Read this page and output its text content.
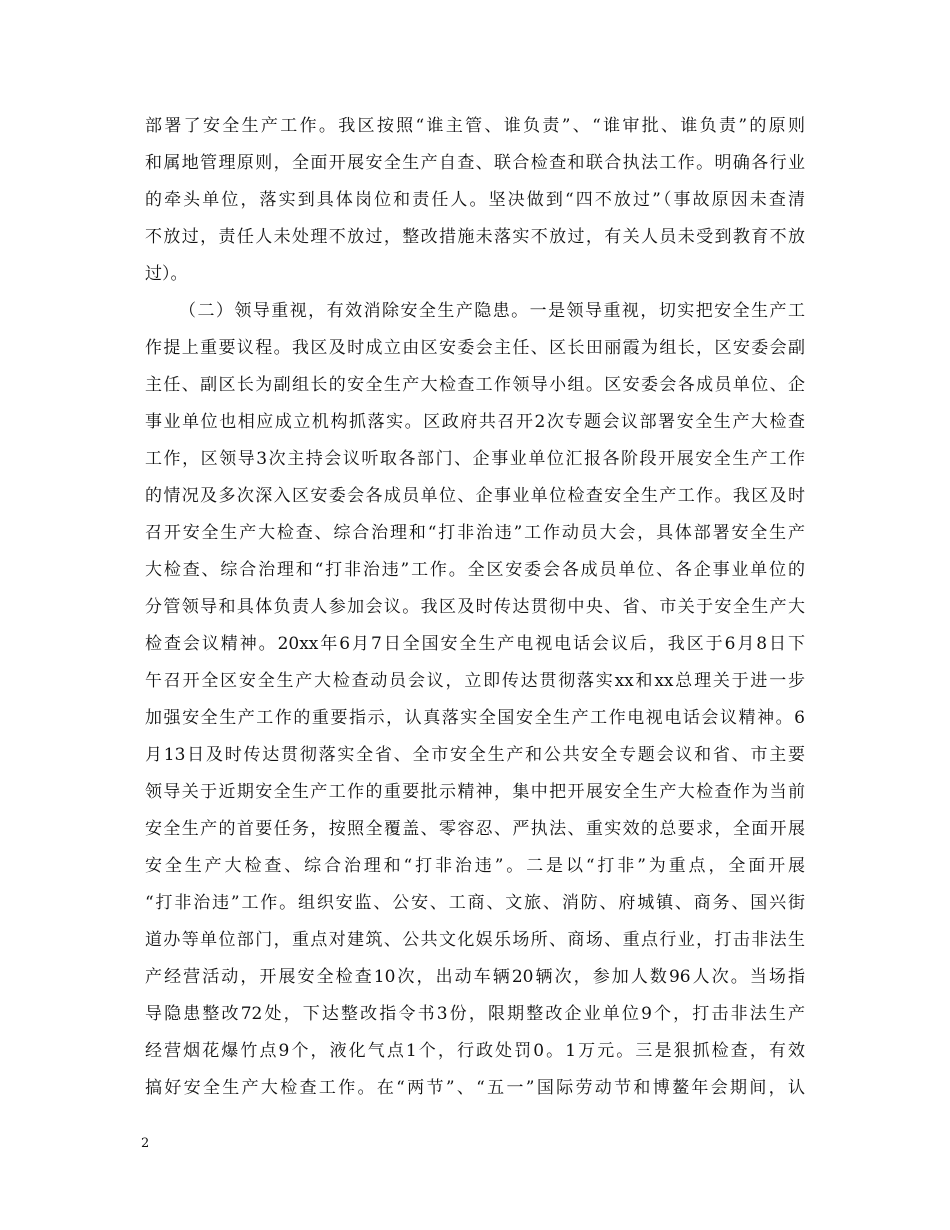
部署了安全生产工作。我区按照“谁主管、谁负责”、“谁审批、谁负责”的原则
和属地管理原则，全面开展安全生产自查、联合检查和联合执法工作。明确各行业
的牵头单位，落实到具体岗位和责任人。坚决做到“四不放过”（事故原因未查清
不放过，责任人未处理不放过，整改措施未落实不放过，有关人员未受到教育不放
过）。
（二）领导重视，有效消除安全生产隐患。一是领导重视，切实把安全生产工
作提上重要议程。我区及时成立由区安委会主任、区长田丽霞为组长，区安委会副
主任、副区长为副组长的安全生产大检查工作领导小组。区安委会各成员单位、企
事业单位也相应成立机构抓落实。区政府共召开2次专题会议部署安全生产大检查
工作，区领导3次主持会议听取各部门、企事业单位汇报各阶段开展安全生产工作
的情况及多次深入区安委会各成员单位、企事业单位检查安全生产工作。我区及时
召开安全生产大检查、综合治理和“打非治违”工作动员大会，具体部署安全生产
大检查、综合治理和“打非治违”工作。全区安委会各成员单位、各企事业单位的
分管领导和具体负责人参加会议。我区及时传达贯彻中央、省、市关于安全生产大
检查会议精神。20xx年6月7日全国安全生产电视电话会议后，我区于6月8日下
午召开全区安全生产大检查动员会议，立即传达贯彻落实xx和xx总理关于进一步
加强安全生产工作的重要指示，认真落实全国安全生产工作电视电话会议精神。6
月13日及时传达贯彻落实全省、全市安全生产和公共安全专题会议和省、市主要
领导关于近期安全生产工作的重要批示精神，集中把开展安全生产大检查作为当前
安全生产的首要任务，按照全覆盖、零容忍、严执法、重实效的总要求，全面开展
安全生产大检查、综合治理和“打非治违”。二是以“打非”为重点，全面开展
“打非治违”工作。组织安监、公安、工商、文旅、消防、府城镇、商务、国兴街
道办等单位部门，重点对建筑、公共文化娱乐场所、商场、重点行业，打击非法生
产经营活动，开展安全检查10次，出动车辆20辆次，参加人数96人次。当场指
导隐患整改72处，下达整改指令书3份，限期整改企业单位9个，打击非法生产
经营烟花爆竹点9个，液化气点1个，行政处罚0。1万元。三是狠抓检查，有效
搞好安全生产大检查工作。在“两节”、“五一”国际劳动节和博鳌年会期间，认
2
